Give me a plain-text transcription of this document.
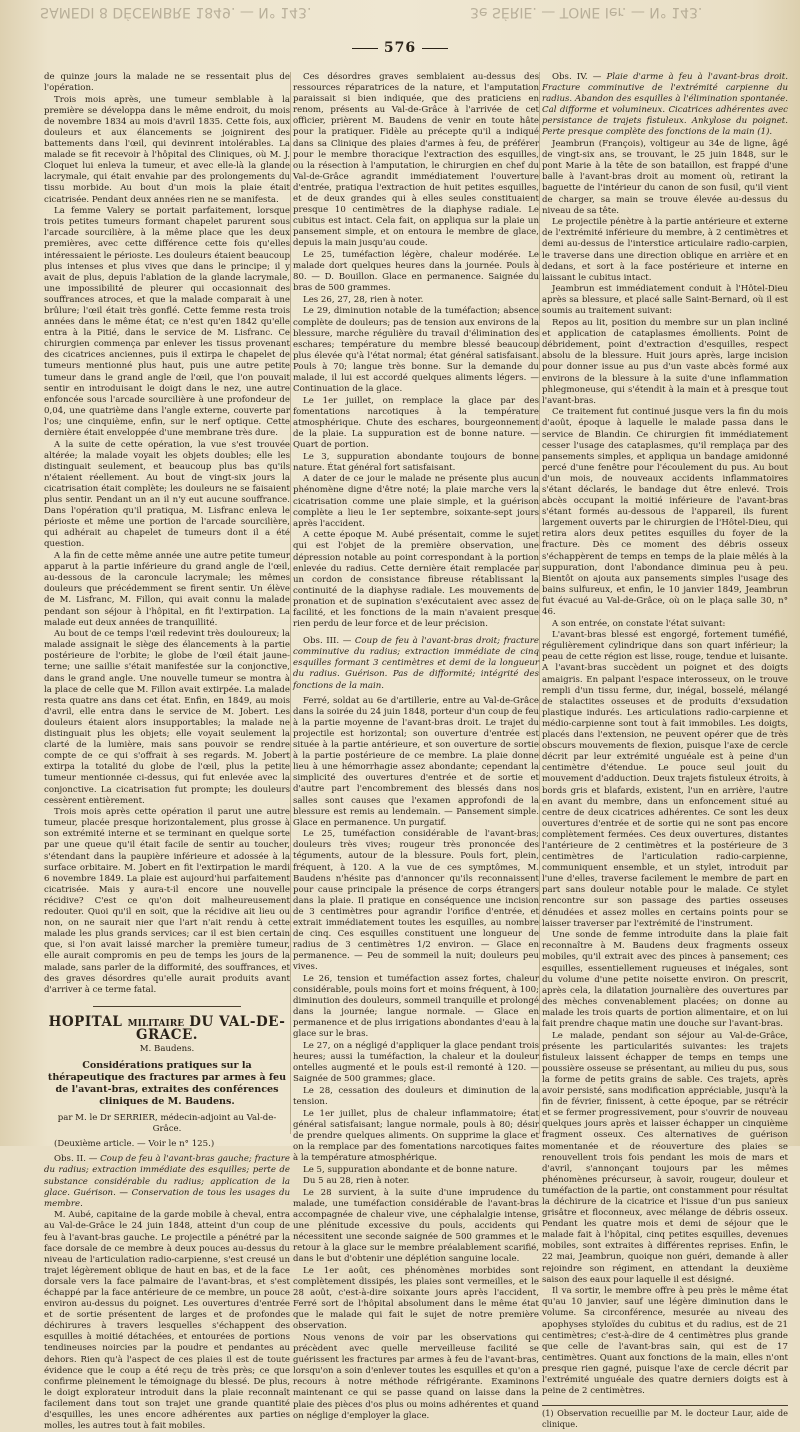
SAMEDI 8 DÉCEMBRE 1849. — N° 143.	3e SÉRIE. — TOME Ier. — N° 143.
576

de quinze jours la malade ne se ressentait plus de l'opération.

Trois mois après, une tumeur semblable à la première se développa dans le même endroit, du mois de novembre 1834 au mois d'avril 1835. Cette fois, aux douleurs et aux élancements se joignirent des battements dans l'œil, qui devinrent intolérables. La malade se fit recevoir à l'hôpital des Cliniques, où M. J. Cloquet lui enleva la tumeur, et avec elle-là la glande lacrymale, qui était envahie par des prolongements du tissu morbide. Au bout d'un mois la plaie était cicatrisée. Pendant deux années rien ne se manifesta.

La femme Valery se portait parfaitement, lorsque trois petites tumeurs formant chapelet parurent sous l'arcade sourcilière, à la même place que les deux premières, avec cette différence cette fois qu'elles intéressaient le périoste. Les douleurs étaient beaucoup plus intenses et plus vives que dans le principe; il y avait de plus, depuis l'ablation de la glande lacrymale, une impossibilité de pleurer qui occasionnait des souffrances atroces, et que la malade comparait à une brûlure; l'œil était très gonflé. Cette femme resta trois années dans le même état; ce n'est qu'en 1842 qu'elle entra à la Pitié, dans le service de M. Lisfranc. Ce chirurgien commença par enlever les tissus provenant des cicatrices anciennes, puis il extirpa le chapelet de tumeurs mentionné plus haut, puis une autre petite tumeur dans le grand angle de l'œil, que l'on pouvait sentir en introduisant le doigt dans le nez, une autre enfoncée sous l'arcade sourcilière à une profondeur de 0,04, une quatrième dans l'angle externe, couverte par l'os; une cinquième, enfin, sur le nerf optique. Cette dernière était enveloppée d'une membrane très dure.

A la suite de cette opération, la vue s'est trouvée altérée; la malade voyait les objets doubles; elle les distinguait seulement, et beaucoup plus bas qu'ils n'étaient réellement. Au bout de vingt-six jours la cicatrisation était complète; les douleurs ne se faisaient plus sentir. Pendant un an il n'y eut aucune souffrance. Dans l'opération qu'il pratiqua, M. Lisfranc enleva le périoste et même une portion de l'arcade sourcilière, qui adhérait au chapelet de tumeurs dont il a été question.

A la fin de cette même année une autre petite tumeur apparut à la partie inférieure du grand angle de l'œil, au-dessous de la caroncule lacrymale; les mêmes douleurs que précédemment se firent sentir. Un élève de M. Lisfranc, M. Fillon, qui avait connu la malade pendant son séjour à l'hôpital, en fit l'extirpation. La malade eut deux années de tranquillité.

Au bout de ce temps l'œil redevint très douloureux; la malade assignait le siège des élancements à la partie postérieure de l'orbite; le globe de l'œil était jaune-terne; une saillie s'était manifestée sur la conjonctive, dans le grand angle. Une nouvelle tumeur se montra à la place de celle que M. Fillon avait extirpée. La malade resta quatre ans dans cet état. Enfin, en 1849, au mois d'avril, elle entra dans le service de M. Jobert. Les douleurs étaient alors insupportables; la malade ne distinguait plus les objets; elle voyait seulement la clarté de la lumière, mais sans pouvoir se rendre compte de ce qui s'offrait à ses regards. M. Jobert extirpa la totalité du globe de l'œil, plus la petite tumeur mentionnée ci-dessus, qui fut enlevée avec la conjonctive. La cicatrisation fut prompte; les douleurs cessèrent entièrement.

Trois mois après cette opération il parut une autre tumeur, placée presque horizontalement, plus grosse à son extrémité interne et se terminant en quelque sorte par une queue qu'il était facile de sentir au toucher, s'étendant dans la paupière inférieure et adossée à la surface orbitaire. M. Jobert en fit l'extirpation le mardi 6 novembre 1849. La plaie est aujourd'hui parfaitement cicatrisée. Mais y aura-t-il encore une nouvelle récidive? C'est ce qu'on doit malheureusement redouter. Quoi qu'il en soit, que la récidive ait lieu ou non, on ne saurait nier que l'art n'ait rendu à cette malade les plus grands services; car il est bien certain que, si l'on avait laissé marcher la première tumeur, elle aurait compromis en peu de temps les jours de la malade, sans parler de la difformité, des souffrances, et des graves désordres qu'elle aurait produits avant d'arriver à ce terme fatal.

HOPITAL MILITAIRE DU VAL-DE-GRACE.
M. Baudens.
Considérations pratiques sur la thérapeutique des fractures par armes à feu de l'avant-bras, extraites des conférences cliniques de M. Baudens.
par M. le Dr SERRIER, médecin-adjoint au Val-de-Grâce.

(Deuxième article. — Voir le n° 125.)

Obs. II. — Coup de feu à l'avant-bras gauche; fracture du radius; extraction immédiate des esquilles; perte de substance considérable du radius; application de la glace. Guérison. — Conservation de tous les usages du membre.

M. Aubé, capitaine de la garde mobile à cheval, entra au Val-de-Grâce le 24 juin 1848, atteint d'un coup de feu à l'avant-bras gauche. Le projectile a pénétré par la face dorsale de ce membre à deux pouces au-dessus du niveau de l'articulation radio-carpienne, s'est creusé un trajet légèrement oblique de haut en bas, et de la face dorsale vers la face palmaire de l'avant-bras, et s'est échappé par la face antérieure de ce membre, un pouce environ au-dessus du poignet. Les ouvertures d'entrée et de sortie présentent de larges et de profondes déchirures à travers lesquelles s'échappent des esquilles à moitié détachées, et entourées de portions tendineuses noircies par la poudre et pendantes au dehors. Rien qu'à l'aspect de ces plaies il est de toute évidence que le coup a été reçu de très près; ce que confirme pleinement le témoignage du blessé. De plus, le doigt explorateur introduit dans la plaie reconnaît facilement dans tout son trajet une grande quantité d'esquilles, les unes encore adhérentes aux parties molles, les autres tout à fait mobiles.

Ces désordres graves semblaient au-dessus des ressources réparatrices de la nature, et l'amputation paraissait si bien indiquée, que des praticiens en renom, présents au Val-de-Grâce à l'arrivée de cet officier, prièrent M. Baudens de venir en toute hâte pour la pratiquer. Fidèle au précepte qu'il a indiqué dans sa Clinique des plaies d'armes à feu, de préférer pour le membre thoracique l'extraction des esquilles, ou la résection à l'amputation, le chirurgien en chef du Val-de-Grâce agrandit immédiatement l'ouverture d'entrée, pratiqua l'extraction de huit petites esquilles, et de deux grandes qui à elles seules constituaient presque 10 centimètres de la diaphyse radiale. Le cubitus est intact. Cela fait, on appliqua sur la plaie un pansement simple, et on entoura le membre de glace, depuis la main jusqu'au coude.

Le 25, tuméfaction légère, chaleur modérée. Le malade dort quelques heures dans la journée. Pouls à 80. — D. Bouillon. Glace en permanence. Saignée du bras de 500 grammes.

Les 26, 27, 28, rien à noter.

Le 29, diminution notable de la tuméfaction; absence complète de douleurs; pas de tension aux environs de la blessure, marche régulière du travail d'élimination des eschares; température du membre blessé beaucoup plus élevée qu'à l'état normal; état général satisfaisant. Pouls à 70; langue très bonne. Sur la demande du malade, il lui est accordé quelques aliments légers. — Continuation de la glace.

Le 1er juillet, on remplace la glace par des fomentations narcotiques à la température atmosphérique. Chute des eschares, bourgeonnement de la plaie. La suppuration est de bonne nature. — Quart de portion.

Le 3, suppuration abondante toujours de bonne nature. État général fort satisfaisant.

A dater de ce jour le malade ne présente plus aucun phénomène digne d'être noté; la plaie marche vers la cicatrisation comme une plaie simple, et la guérison complète a lieu le 1er septembre, soixante-sept jours après l'accident.

A cette époque M. Aubé présentait, comme le sujet qui est l'objet de la première observation, une dépression notable au point correspondant à la portion enlevée du radius. Cette dernière était remplacée par un cordon de consistance fibreuse rétablissant la continuité de la diaphyse radiale. Les mouvements de pronation et de supination s'exécutaient avec assez de facilité, et les fonctions de la main n'avaient presque rien perdu de leur force et de leur précision.

Obs. III. — Coup de feu à l'avant-bras droit; fracture comminutive du radius; extraction immédiate de cinq esquilles formant 3 centimètres et demi de la longueur du radius. Guérison. Pas de difformité; intégrité des fonctions de la main.

Ferré, soldat au 6e d'artillerie, entre au Val-de-Grâce dans la soirée du 24 juin 1848, porteur d'un coup de feu à la partie moyenne de l'avant-bras droit. Le trajet du projectile est horizontal; son ouverture d'entrée est située à la partie antérieure, et son ouverture de sortie à la partie postérieure de ce membre. La plaie donne lieu à une hémorrhagie assez abondante; cependant la simplicité des ouvertures d'entrée et de sortie et d'autre part l'encombrement des blessés dans nos salles sont causes que l'examen approfondi de la blessure est remis au lendemain. — Pansement simple. Glace en permanence. Un purgatif.

Le 25, tuméfaction considérable de l'avant-bras; douleurs très vives; rougeur très prononcée des téguments, autour de la blessure. Pouls fort, plein, fréquent, à 120. A la vue de ces symptômes, M. Baudens n'hésite pas d'annoncer qu'ils reconnaissent pour cause principale la présence de corps étrangers dans la plaie. Il pratique en conséquence une incision de 3 centimètres pour agrandir l'orifice d'entrée, et extrait immédiatement toutes les esquilles, au nombre de cinq. Ces esquilles constituent une longueur de radius de 3 centimètres 1/2 environ. — Glace en permanence. — Peu de sommeil la nuit; douleurs peu vives.

Le 26, tension et tuméfaction assez fortes, chaleur considérable, pouls moins fort et moins fréquent, à 100; diminution des douleurs, sommeil tranquille et prolongé dans la journée; langue normale. — Glace en permanence et de plus irrigations abondantes d'eau à la glace sur le bras.

Le 27, on a négligé d'appliquer la glace pendant trois heures; aussi la tuméfaction, la chaleur et la douleur ontelles augmenté et le pouls est-il remonté à 120. — Saignée de 500 grammes; glace.

Le 28, cessation des douleurs et diminution de la tension.

Le 1er juillet, plus de chaleur inflammatoire; état général satisfaisant; langue normale, pouls à 80; désir de prendre quelques aliments. On supprime la glace et on la remplace par des fomentations narcotiques faites à la température atmosphérique.

Le 5, suppuration abondante et de bonne nature.

Du 5 au 28, rien à noter.

Le 28 survient, à la suite d'une imprudence du malade, une tuméfaction considérable de l'avant-bras accompagnée de chaleur vive, une céphalalgie intense, une plénitude excessive du pouls, accidents qui nécessitent une seconde saignée de 500 grammes et le retour à la glace sur le membre préalablement scarifié, dans le but d'obtenir une déplétion sanguine locale.

Le 1er août, ces phénomènes morbides sont complètement dissipés, les plaies sont vermeilles, et le 28 août, c'est-à-dire soixante jours après l'accident, Ferré sort de l'hôpital absolument dans le même état que le malade qui fait le sujet de notre première observation.

Nous venons de voir par les observations qui précèdent avec quelle merveilleuse facilité se guérissent les fractures par armes à feu de l'avant-bras, lorsqu'on a soin d'enlever toutes les esquilles et qu'on a recours à notre méthode réfrigérante. Examinons maintenant ce qui se passe quand on laisse dans la plaie des pièces d'os plus ou moins adhérentes et quand on néglige d'employer la glace.

Obs. IV. — Plaie d'arme à feu à l'avant-bras droit. Fracture comminutive de l'extrémité carpienne du radius. Abandon des esquilles à l'élimination spontanée. Cal difforme et volumineux. Cicatrices adhérentes avec persistance de trajets fistuleux. Ankylose du poignet. Perte presque complète des fonctions de la main (1).

Jeambrun (François), voltigeur au 34e de ligne, âgé de vingt-six ans, se trouvant, le 25 juin 1848, sur le pont Marie à la tête de son bataillon, est frappé d'une balle à l'avant-bras droit au moment où, retirant la baguette de l'intérieur du canon de son fusil, qu'il vient de charger, sa main se trouve élevée au-dessus du niveau de sa tête.

Le projectile pénètre à la partie antérieure et externe de l'extrémité inférieure du membre, à 2 centimètres et demi au-dessus de l'interstice articulaire radio-carpien, le traverse dans une direction oblique en arrière et en dedans, et sort à la face postérieure et interne en laissant le cubitus intact.

Jeambrun est immédiatement conduit à l'Hôtel-Dieu après sa blessure, et placé salle Saint-Bernard, où il est soumis au traitement suivant:

Repos au lit, position du membre sur un plan incliné et application de cataplasmes émollients. Point de débridement, point d'extraction d'esquilles, respect absolu de la blessure. Huit jours après, large incision pour donner issue au pus d'un vaste abcès formé aux environs de la blessure à la suite d'une inflammation phlegmoneuse, qui s'étendit à la main et à presque tout l'avant-bras.

Ce traitement fut continué jusque vers la fin du mois d'août, époque à laquelle le malade passa dans le service de Blandin. Ce chirurgien fit immédiatement cesser l'usage des cataplasmes, qu'il remplaça par des pansements simples, et appliqua un bandage amidonné percé d'une fenêtre pour l'écoulement du pus. Au bout d'un mois, de nouveaux accidents inflammatoires s'étant déclarés, le bandage dut être enlevé. Trois abcès occupant la moitié inférieure de l'avant-bras s'étant formés au-dessous de l'appareil, ils furent largement ouverts par le chirurgien de l'Hôtel-Dieu, qui retira alors deux petites esquilles du foyer de la fracture. Dès ce moment des débris osseux s'échappèrent de temps en temps de la plaie mêlés à la suppuration, dont l'abondance diminua peu à peu. Bientôt on ajouta aux pansements simples l'usage des bains sulfureux, et enfin, le 10 janvier 1849, Jeambrun fut évacué au Val-de-Grâce, où on le plaça salle 30, n° 46.

A son entrée, on constate l'état suivant:

L'avant-bras blessé est engorgé, fortement tuméfié, régulièrement cylindrique dans son quart inférieur; la peau de cette région est lisse, rouge, tendue et luisante. A l'avant-bras succèdent un poignet et des doigts amaigris. En palpant l'espace interosseux, on le trouve rempli d'un tissu ferme, dur, inégal, bosselé, mélangé de stalactites osseuses et de produits d'exsudation plastique indurés. Les articulations radio-carpienne et médio-carpienne sont tout à fait immobiles. Les doigts, placés dans l'extension, ne peuvent opérer que de très obscurs mouvements de flexion, puisque l'axe de cercle décrit par leur extrémité unguéale est à peine d'un centimètre d'étendue. Le pouce seul jouit du mouvement d'adduction. Deux trajets fistuleux étroits, à bords gris et blafards, existent, l'un en arrière, l'autre en avant du membre, dans un enfoncement situé au centre de deux cicatrices adhérentes. Ce sont les deux ouvertures d'entrée et de sortie qui ne sont pas encore complètement fermées. Ces deux ouvertures, distantes l'antérieure de 2 centimètres et la postérieure de 3 centimètres de l'articulation radio-carpienne, communiquent ensemble, et un stylet, introduit par l'une d'elles, traverse facilement le membre de part en part sans douleur notable pour le malade. Ce stylet rencontre sur son passage des parties osseuses dénudées et assez molles en certains points pour se laisser traverser par l'extrémité de l'instrument.

Une sonde de femme introduite dans la plaie fait reconnaître à M. Baudens deux fragments osseux mobiles, qu'il extrait avec des pinces à pansement; ces esquilles, essentiellement rugueuses et inégales, sont du volume d'une petite noisette environ. On prescrit, après cela, la dilatation journalière des ouvertures par des mèches convenablement placées; on donne au malade les trois quarts de portion alimentaire, et on lui fait prendre chaque matin une douche sur l'avant-bras.

Le malade, pendant son séjour au Val-de-Grâce, présente les particularités suivantes: les trajets fistuleux laissent échapper de temps en temps une poussière osseuse se présentant, au milieu du pus, sous la forme de petits grains de sable. Ces trajets, après avoir persisté, sans modification appréciable, jusqu'à la fin de février, finissent, à cette époque, par se rétrécir et se fermer progressivement, pour s'ouvrir de nouveau quelques jours après et laisser échapper un cinquième fragment osseux. Ces alternatives de guérison momentanée et de réouverture des plaies se renouvellent trois fois pendant les mois de mars et d'avril, s'annonçant toujours par les mêmes phénomènes précurseur, à savoir, rougeur, douleur et tuméfaction de la partie, ont constamment pour résultat la déchirure de la cicatrice et l'issue d'un pus sanieux grisâtre et floconneux, avec mélange de débris osseux. Pendant les quatre mois et demi de séjour que le malade fait à l'hôpital, cinq petites esquilles, devenues mobiles, sont extraites à différentes reprises. Enfin, le 22 mai, Jeambrun, quoique non guéri, demande à aller rejoindre son régiment, en attendant la deuxième saison des eaux pour laquelle il est désigné.

Il va sortir, le membre offre à peu près le même état qu'au 10 janvier, sauf une légère diminution dans le volume. Sa circonférence, mesurée au niveau des apophyses styloïdes du cubitus et du radius, est de 21 centimètres; c'est-à-dire de 4 centimètres plus grande que celle de l'avant-bras sain, qui est de 17 centimètres. Quant aux fonctions de la main, elles n'ont presque rien gagné, puisque l'axe de cercle décrit par l'extrémité unguéale des quatre derniers doigts est à peine de 2 centimètres.

(1) Observation recueillie par M. le docteur Laur, aide de clinique.
